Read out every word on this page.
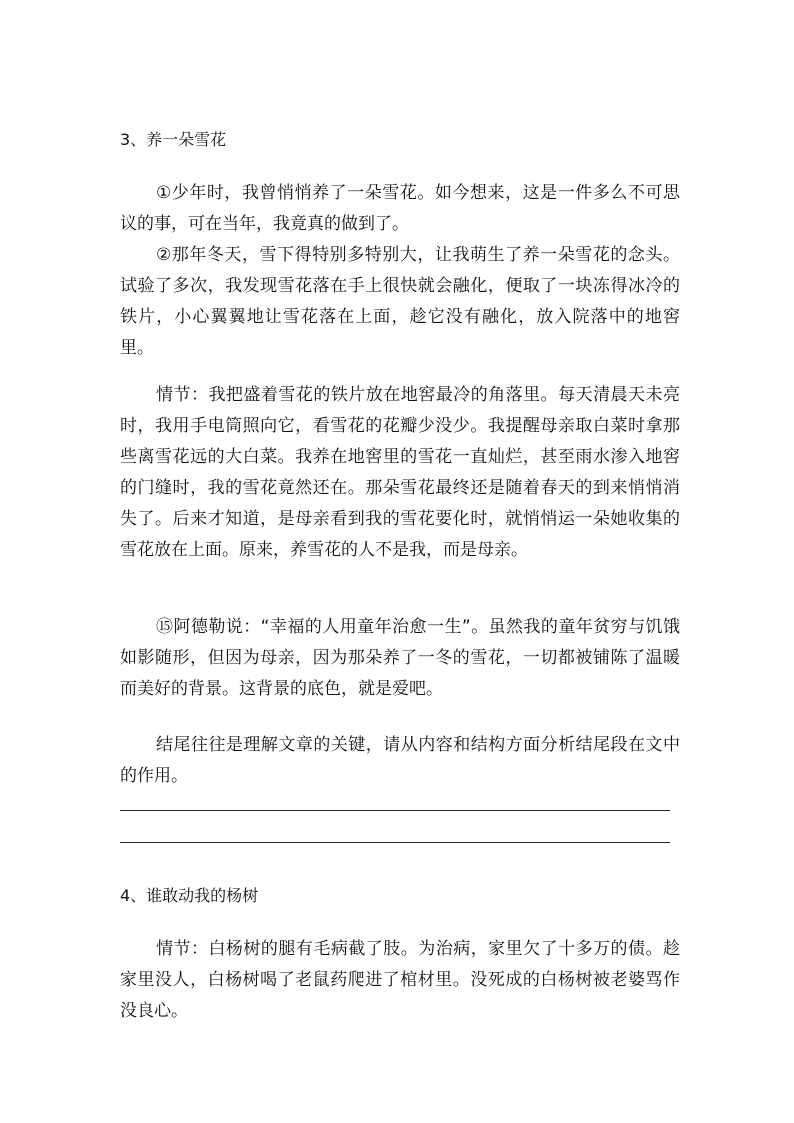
3、养一朵雪花

①少年时，我曾悄悄养了一朵雪花。如今想来，这是一件多么不可思议的事，可在当年，我竟真的做到了。

②那年冬天，雪下得特别多特别大，让我萌生了养一朵雪花的念头。试验了多次，我发现雪花落在手上很快就会融化，便取了一块冻得冰冷的铁片，小心翼翼地让雪花落在上面，趁它没有融化，放入院落中的地窖里。

情节：我把盛着雪花的铁片放在地窖最冷的角落里。每天清晨天未亮时，我用手电筒照向它，看雪花的花瓣少没少。我提醒母亲取白菜时拿那些离雪花远的大白菜。我养在地窖里的雪花一直灿烂，甚至雨水渗入地窖的门缝时，我的雪花竟然还在。那朵雪花最终还是随着春天的到来悄悄消失了。后来才知道，是母亲看到我的雪花要化时，就悄悄运一朵她收集的雪花放在上面。原来，养雪花的人不是我，而是母亲。

⑮阿德勒说：“幸福的人用童年治愈一生”。虽然我的童年贫穷与饥饿如影随形，但因为母亲，因为那朵养了一冬的雪花，一切都被铺陈了温暖而美好的背景。这背景的底色，就是爱吧。

结尾往往是理解文章的关键，请从内容和结构方面分析结尾段在文中的作用。

4、谁敢动我的杨树

情节：白杨树的腿有毛病截了肢。为治病，家里欠了十多万的债。趁家里没人，白杨树喝了老鼠药爬进了棺材里。没死成的白杨树被老婆骂作没良心。
